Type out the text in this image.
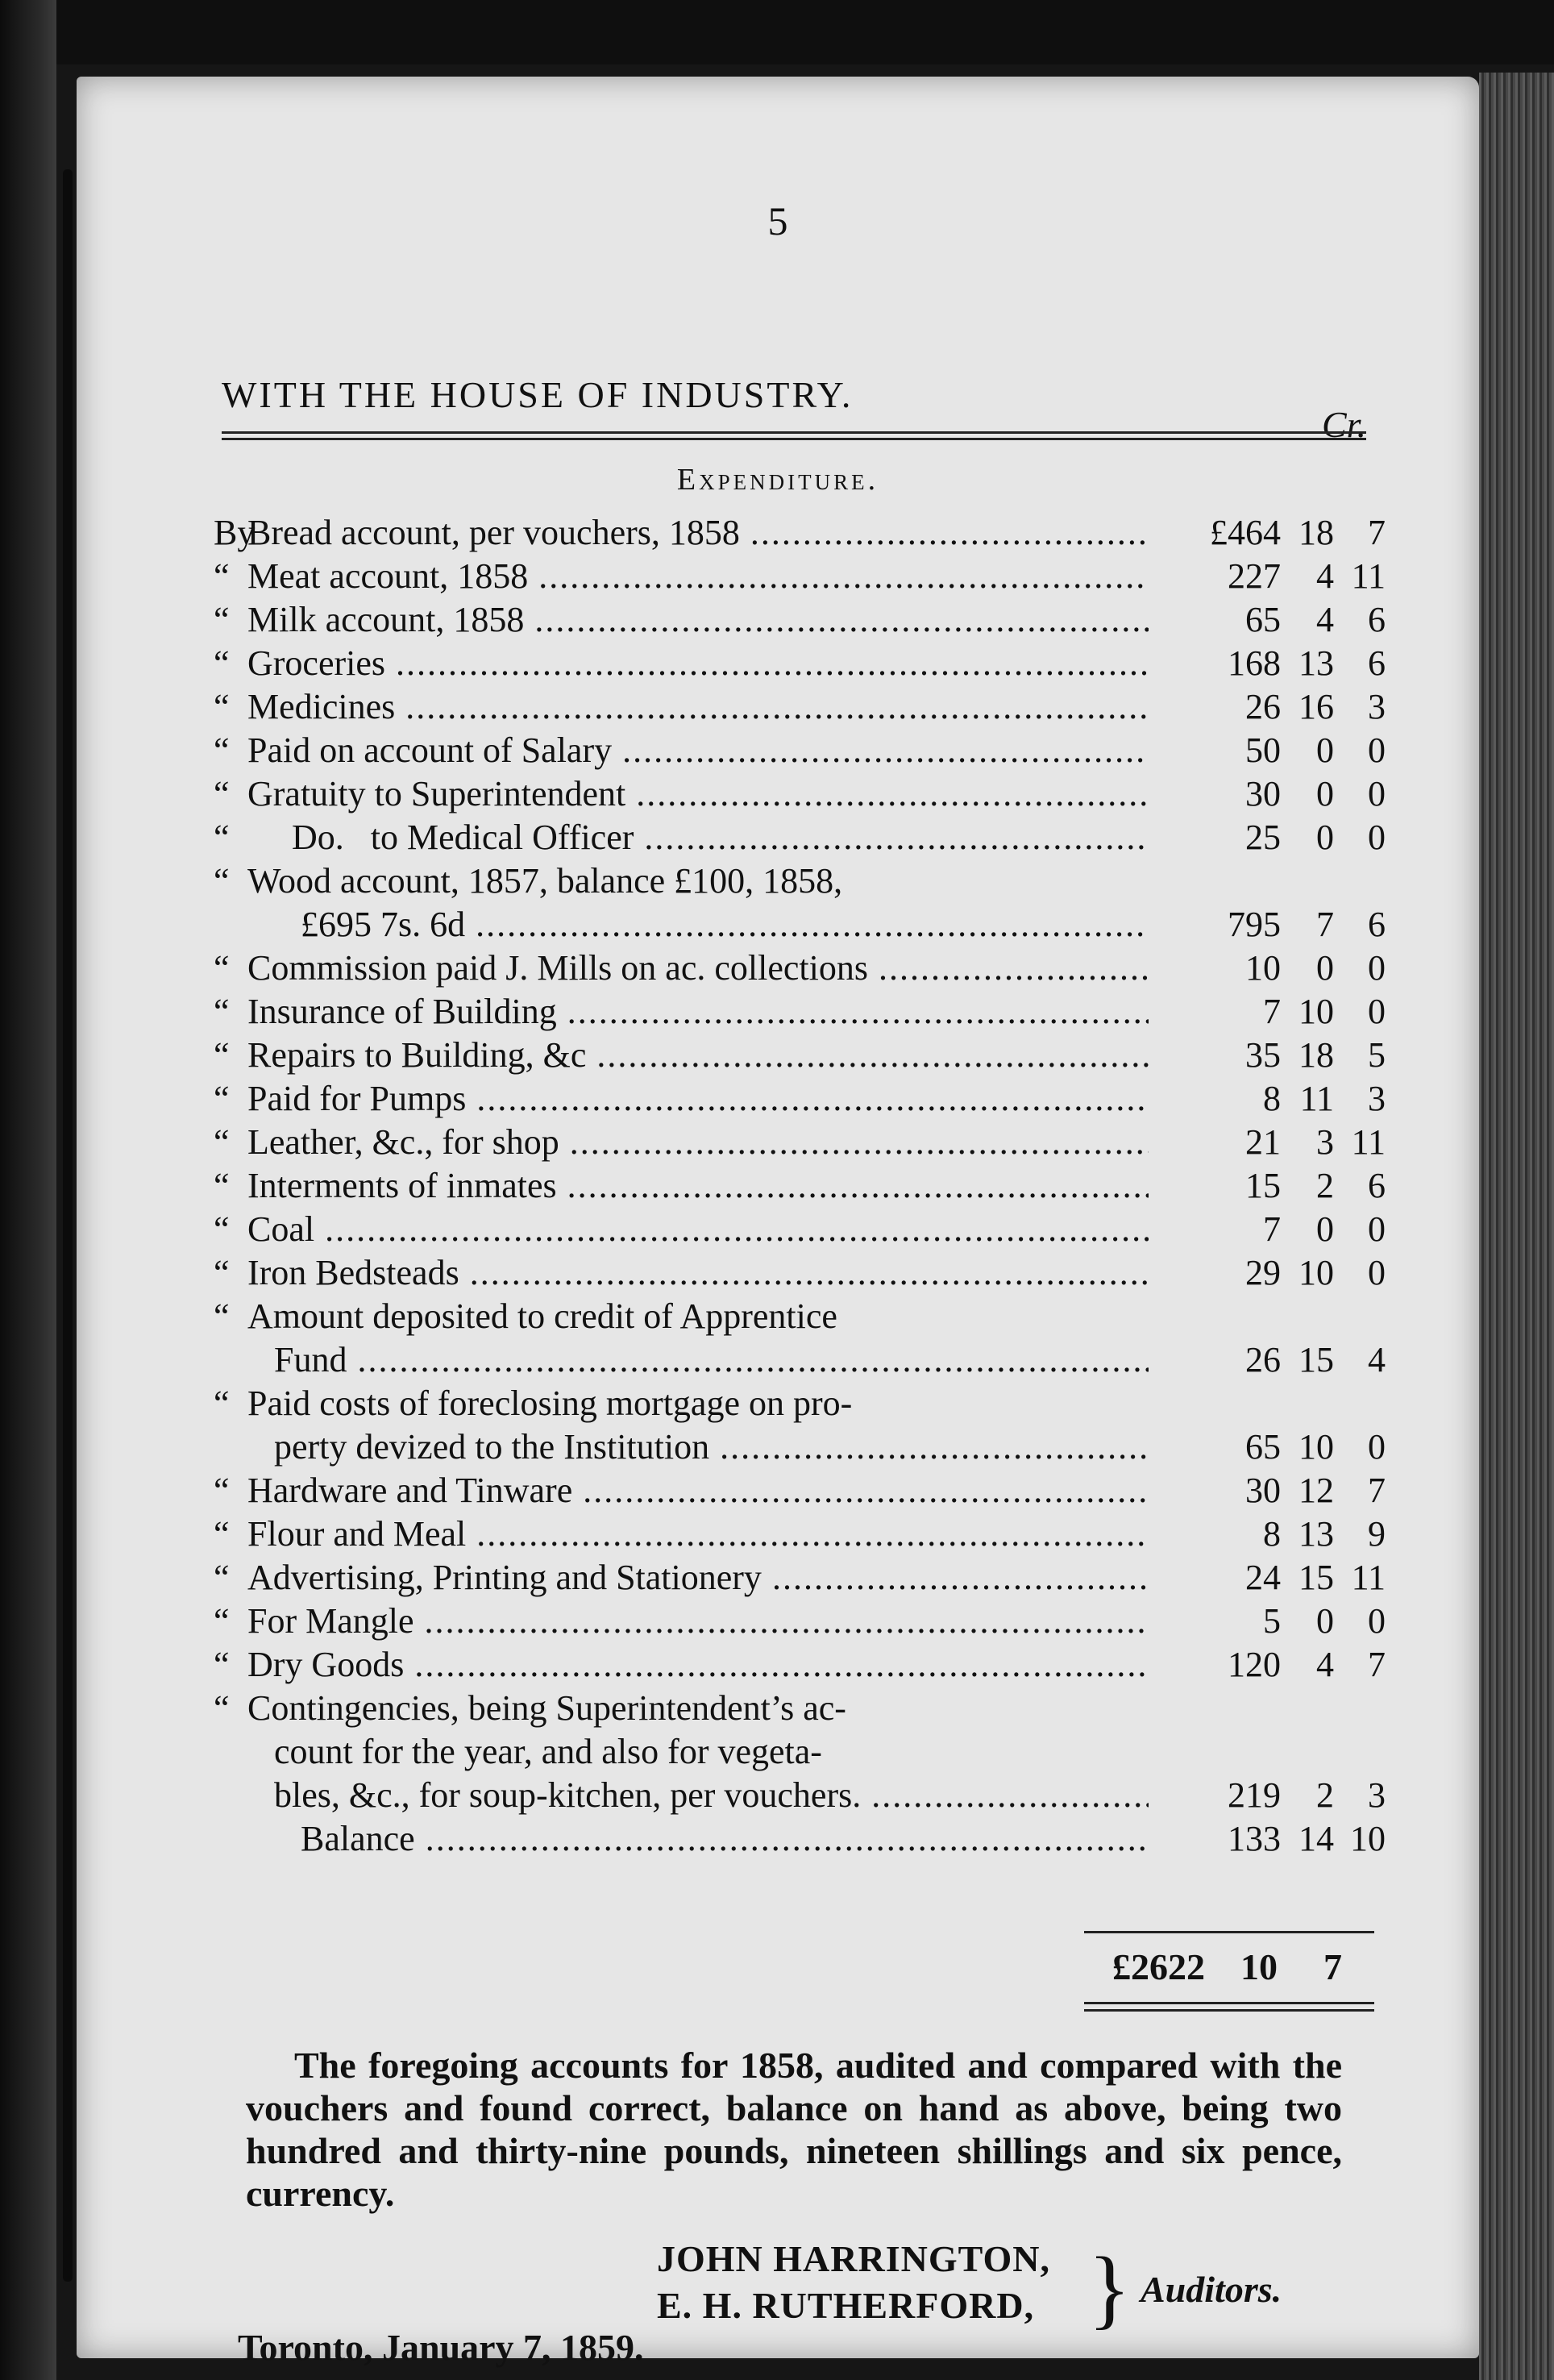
5
WITH THE HOUSE OF INDUSTRY.
Cr.
Expenditure.
By
Bread account, per vouchers, 1858 .....	£464 18 7
“ Meat account, 1858 .....	227	4 11
“ Milk account, 1858 .....	65	4 6
“ Groceries .....	168 13 6
“ Medicines .....	26 16 3
“ Paid on account of Salary .....	50	0 0
“ Gratuity to Superintendent .....	30	0 0
“ Do.   to Medical Officer .....	25	0 0
“ Wood account, 1857, balance £100, 1858,
£695 7s. 6d .....	795	7 6
“ Commission paid J. Mills on ac. collections .....	10	0 0
“ Insurance of Building .....	7 10 0
“ Repairs to Building, &c .....	35 18 5
“ Paid for Pumps .....	8 11 3
“ Leather, &c., for shop .....	21	3 11
“ Interments of inmates .....	15	2 6
“ Coal .....	7	0 0
“ Iron Bedsteads .....	29 10 0
“ Amount deposited to credit of Apprentice
Fund .....	26 15 4
“ Paid costs of foreclosing mortgage on pro-
perty devized to the Institution .....	65 10 0
“ Hardware and Tinware .....	30 12 7
“ Flour and Meal .....	8 13 9
“ Advertising, Printing and Stationery .....	24 15 11
“ For Mangle .....	5	0 0
“ Dry Goods .....	120	4 7
“ Contingencies, being Superintendent’s ac-
count for the year, and also for vegeta-
bles, &c., for soup-kitchen, per vouchers. .....	219	2 3
Balance .....	133 14 10
£2622 10	7
The foregoing accounts for 1858, audited and compared with the vouchers and found correct, balance on hand as above, being two hundred and thirty-nine pounds, nineteen shillings and six pence, currency.
JOHN HARRINGTON,
E. H. RUTHERFORD, } Auditors.
Toronto, January 7, 1859.
